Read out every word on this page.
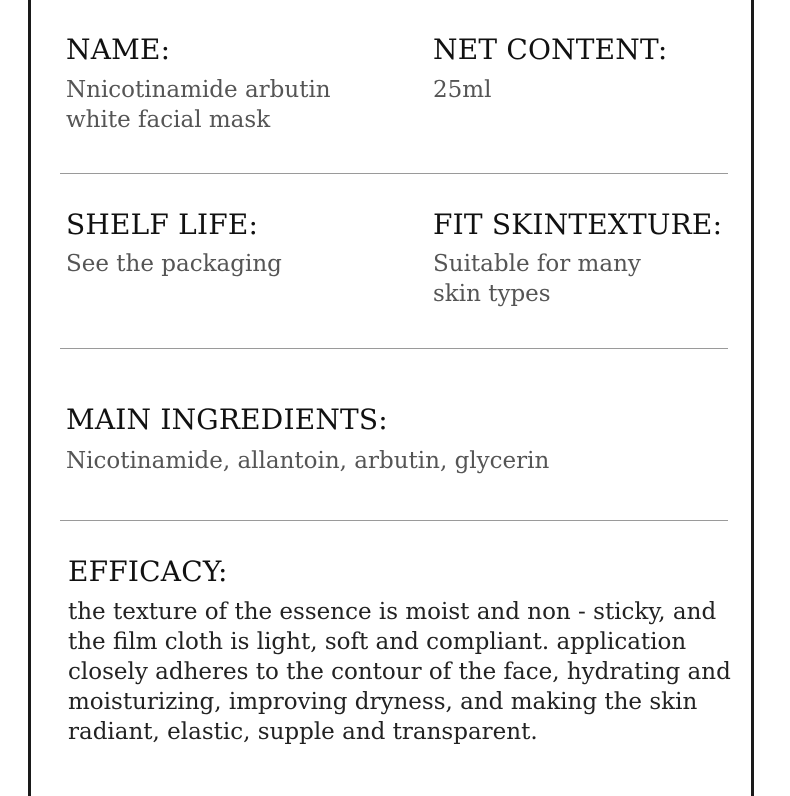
NAME:
Nnicotinamide arbutin
white facial mask
NET CONTENT:
25ml
SHELF LIFE:
See the packaging
FIT SKINTEXTURE:
Suitable for many
skin types
MAIN INGREDIENTS:
Nicotinamide, allantoin, arbutin, glycerin
EFFICACY:
the texture of the essence is moist and non - sticky, and the film cloth is light, soft and compliant. application closely adheres to the contour of the face, hydrating and moisturizing, improving dryness, and making the skin radiant, elastic, supple and transparent.
